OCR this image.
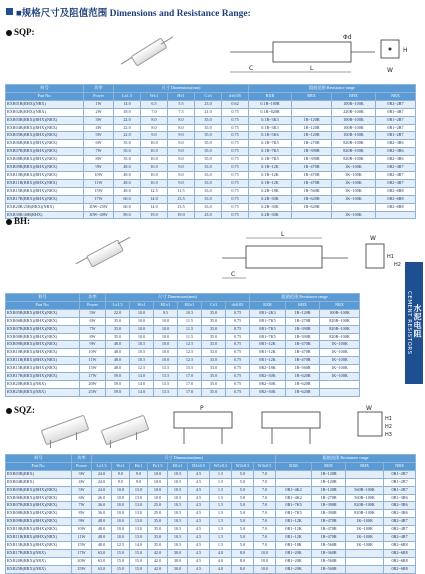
■规格尺寸及阻值范围 Dimensions and Resistance Range:
SQP:
C	L
Φd
H
W
料号	功率	尺寸 Dimensions(mm)					阻值范围 Resistance range			
Part No.	Power	L±1.5	W±1	H±1	C±3	d±0.05	RXR	RRX	RHX	NRX
RXR01B(RHX)(NRX)	1W	14.0	6.5	5.5	23.0	0.62	0.1R~100R		100R~100K	0R2~2R7
RXR02B(RHX)(NRX)	2W	18.0	7.0	7.5	21.0	0.75	0.1R~820R		220R~100K	0R1~4R7
RXR03B(RRX)(RHX)(NRX)	3W	22.0	8.0	8.0	35.0	0.75	0.1R~3K3	1R~120R	100R~100K	0R1~2R7
RXR04B(RRX)(RHX)(NRX)	4W	22.0	8.0	8.0	35.0	0.75	0.1R~3K3	1R~120R	100R~100K	0R1~2R7
RXR05B(RRX)(RHX)(NRX)	5W	22.0	9.0	9.0	35.0	0.75	0.1R~5K6	1R~120R	100R~100K	0R1~2R7
RXR06B(RRX)(RHX)(NRX)	6W	35.0	10.0	9.0	35.0	0.75	0.1R~7K5	1R~270R	820R~100K	0R2~3R6
RXR07B(RRX)(RHX)(NRX)	7W	35.0	10.0	9.0	35.0	0.75	0.1R~7K5	1R~390R	820R~100K	0R2~3R6
RXR08B(RRX)(RHX)(NRX)	8W	35.0	10.0	9.0	35.0	0.75	0.1R~7K5	1R~390R	820R~100K	0R2~3R6
RXR09B(RRX)(RHX)(NRX)	9W	48.0	10.0	9.0	33.0	0.75	0.1R~12K	1R~470R	1K~100K	0R2~4R7
RXR10B(RRX)(RHX)(NRX)	10W	48.0	10.0	9.0	33.0	0.75	0.1R~12K	1R~470R	1K~100K	0R2~4R7
RXR11B(RRX)(RHX)(NRX)	11W	48.0	10.0	9.0	33.0	0.75	0.1R~12K	1R~470R	1K~100K	0R2~4R7
RXR15B(RRX)(RHX)(NRX)	15W	48.0	12.5	11.5	33.0	0.75	0.2R~18K	1R~560R	1K~100K	0R2~6R8
RXR17B(RRX)(RHX)(NRX)	17W	60.0	14.0	13.5	33.0	0.75	0.2R~30K	1R~620R	1K~100K	0R2~6R8
RXR20B/25B(RRX)(NRX)	20W~25W	60.0	14.0	13.5	33.0	0.75	0.2R~30K	1R~620R		0R2~6R8
RXR30B/40B(RHX)	30W~40W	89.0	19.0	19.0	23.0	0.75	0.2R~30K		1K~100K	
BH:
L
C
W
H1
H2
料号	功率	尺寸 Dimensions(mm)						阻值范围 Resistance range		
Part No.	Power	L±1.5	W±1	H1±1	H2±1	C±3	d±0.05	RXR	RHX	NRX
RXR05B(RRX)(RHX)(NRX)	5W	22.0	10.0	9.5	10.5	35.0	0.75	0R1~2K3	1R~120R	100R~100K
RXR06B(RRX)(RHX)(NRX)	6W	35.0	10.0	10.0	11.5	35.0	0.75	0R1~7K5	1R~270R	820R~100K
RXR07B(RRX)(RHX)(NRX)	7W	35.0	10.0	10.0	11.5	35.0	0.75	0R1~7K5	1R~390R	820R~100K
RXR08B(RRX)(RHX)(NRX)	8W	35.0	10.0	10.0	11.5	35.0	0.75	0R1~7K5	1R~390R	820R~100K
RXR09B(RRX)(RHX)(NRX)	9W	48.0	10.5	10.0	12.5	33.0	0.75	0R1~12K	1R~470R	1K~100K
RXR10B(RRX)(RHX)(NRX)	10W	48.0	10.5	10.0	12.5	33.0	0.75	0R1~12K	1R~470R	1K~100K
RXR11B(RRX)(RHX)(NRX)	11W	48.0	10.5	10.0	12.5	33.0	0.75	0R1~12K	1R~470R	1K~100K
RXR15B(RRX)(RHX)(NRX)	15W	48.0	12.5	13.5	15.5	33.0	0.75	0R2~18K	1R~560R	1K~100K
RXR17B(RRX)(RHX)(NRX)	17W	59.0	14.0	13.5	17.0	35.0	0.75	0R2~30K	1R~620R	1K~100K
RXR20B(RRX)(NRX)	20W	59.0	14.0	13.5	17.0	35.0	0.75	0R2~30K	1R~620R	
RXR25B(RRX)(NRX)	25W	59.0	14.0	13.5	17.0	35.0	0.75	0R2~30K	1R~620R	
水泥电阻
CEMENT RESISTORS
SQZ:	P	W
H1
H2
H3
料号	功率	尺寸 Dimensions(mm)									阻值范围 Resistance range			
Part No.	Power	L±1.5	W±1	H±1	P±1.5	H1±1	H2±0.5	W1±0.5	W2±0.5	W3±0.5	RXR	RRX	RHX	NRX
RXR03B(RRX)	3W	24.0	9.0	9.0	10.0	10.5	4.5	1.5	5.0	7.0		1R~120R		0R1~2R7
RXR04B(RRX)	4W	24.0	9.0	9.0	10.0	10.5	4.5	1.5	5.0	7.0		1R~120R		0R1~2R7
RXR05B(RRX)(RHX)(NRX)	5W	24.0	10.0	13.0	10.0	10.5	4.5	1.5	5.0	7.0	0R1~4K2	1R~120R	560R~100K	0R1~2R7
RXR06B(RRX)(RHX)(NRX)	6W	26.0	10.0	13.0	10.0	10.5	4.5	1.5	5.0	7.0	0R1~4K2	1R~270R	560R~100K	0R1~3R6
RXR07B(RRX)(RHX)(NRX)	7W	36.0	10.0	13.0	25.0	10.5	4.5	1.5	5.0	7.0	0R1~7K5	1R~390R	820R~100K	0R2~3R6
RXR08B(RRX)(RHX)(NRX)	8W	36.0	10.0	13.0	25.0	10.5	4.5	1.5	5.0	7.0	0R1~7K5	1R~390R	820R~100K	0R2~3R6
RXR09B(RRX)(RHX)(NRX)	9W	48.0	10.0	13.0	35.0	10.5	4.5	1.5	5.0	7.0	0R1~12K	1R~470R	1K~100K	0R2~4R7
RXR10B(RRX)(RHX)(NRX)	10W	48.0	10.0	13.0	35.0	10.5	4.5	1.5	5.0	7.0	0R1~12K	1R~470R	1K~100K	0R2~4R7
RXR11B(RRX)(RHX)(NRX)	11W	48.0	10.0	13.0	35.0	10.5	4.5	1.5	5.0	7.0	0R1~12K	1R~470R	1K~100K	0R2~4R7
RXR15B(RRX)(RHX)(NRX)	15W	48.0	12.5	14.0	35.0	10.5	4.5	1.5	5.0	7.0	0R1~18K	1R~560R	1K~100K	0R2~6R8
RXR17B(RRX)(NRX)	17W	63.0	15.0	15.0	42.0	30.0	4.5	4.0	8.0	10.0	0R1~20K	1R~360R		0R2~6R8
RXR20B(RRX)(NRX)	20W	63.0	15.0	15.0	42.0	30.0	4.5	4.0	8.0	10.0	0R1~20K	1R~560R		0R2~6R8
RXR25B(RRX)(NRX)	25W	63.0	15.0	15.0	42.0	30.0	4.5	4.0	8.0	10.0	0R1~20K	1R~560R		0R2~6R8
